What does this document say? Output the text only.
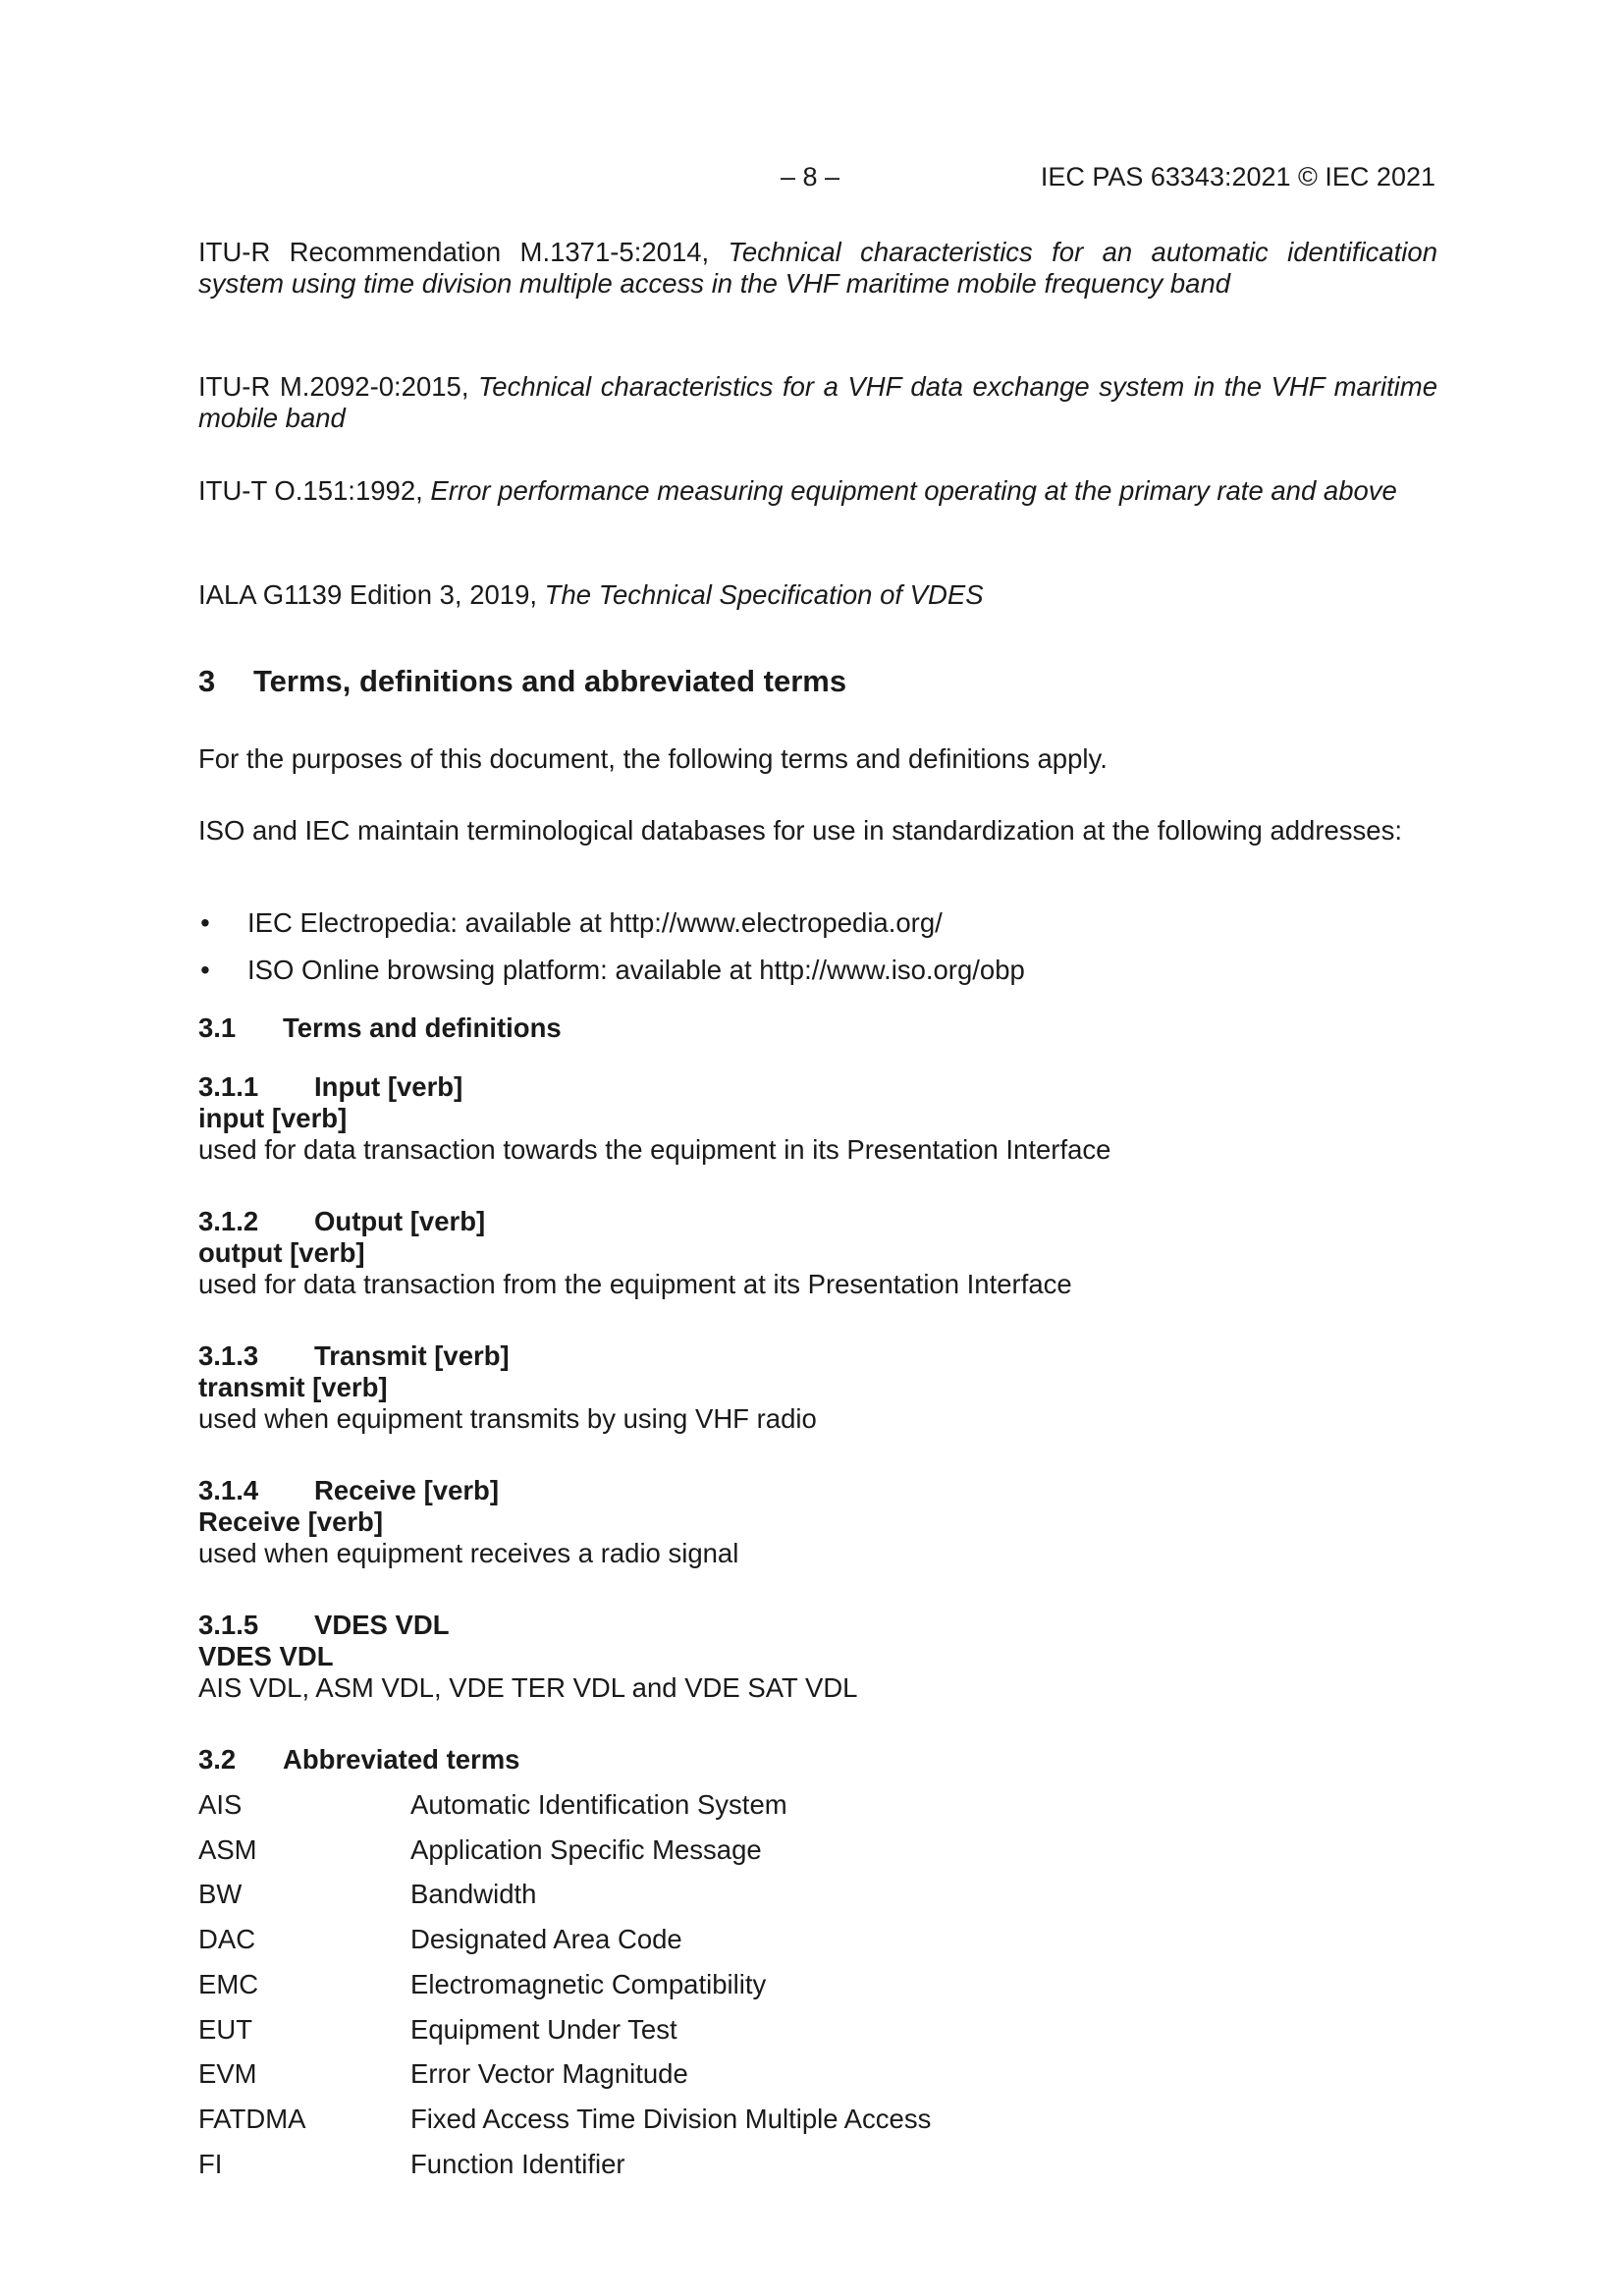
– 8 –	IEC PAS 63343:2021 © IEC 2021
ITU-R Recommendation M.1371-5:2014, Technical characteristics for an automatic identification system using time division multiple access in the VHF maritime mobile frequency band
ITU-R M.2092-0:2015, Technical characteristics for a VHF data exchange system in the VHF maritime mobile band
ITU-T O.151:1992, Error performance measuring equipment operating at the primary rate and above
IALA G1139 Edition 3, 2019, The Technical Specification of VDES
3 Terms, definitions and abbreviated terms
For the purposes of this document, the following terms and definitions apply.
ISO and IEC maintain terminological databases for use in standardization at the following addresses:
• IEC Electropedia: available at http://www.electropedia.org/
• ISO Online browsing platform: available at http://www.iso.org/obp
3.1 Terms and definitions
3.1.1 Input [verb]
input [verb]
used for data transaction towards the equipment in its Presentation Interface
3.1.2 Output [verb]
output [verb]
used for data transaction from the equipment at its Presentation Interface
3.1.3 Transmit [verb]
transmit [verb]
used when equipment transmits by using VHF radio
3.1.4 Receive [verb]
Receive [verb]
used when equipment receives a radio signal
3.1.5 VDES VDL
VDES VDL
AIS VDL, ASM VDL, VDE TER VDL and VDE SAT VDL
3.2 Abbreviated terms
AIS	Automatic Identification System
ASM	Application Specific Message
BW	Bandwidth
DAC	Designated Area Code
EMC	Electromagnetic Compatibility
EUT	Equipment Under Test
EVM	Error Vector Magnitude
FATDMA	Fixed Access Time Division Multiple Access
FI	Function Identifier
